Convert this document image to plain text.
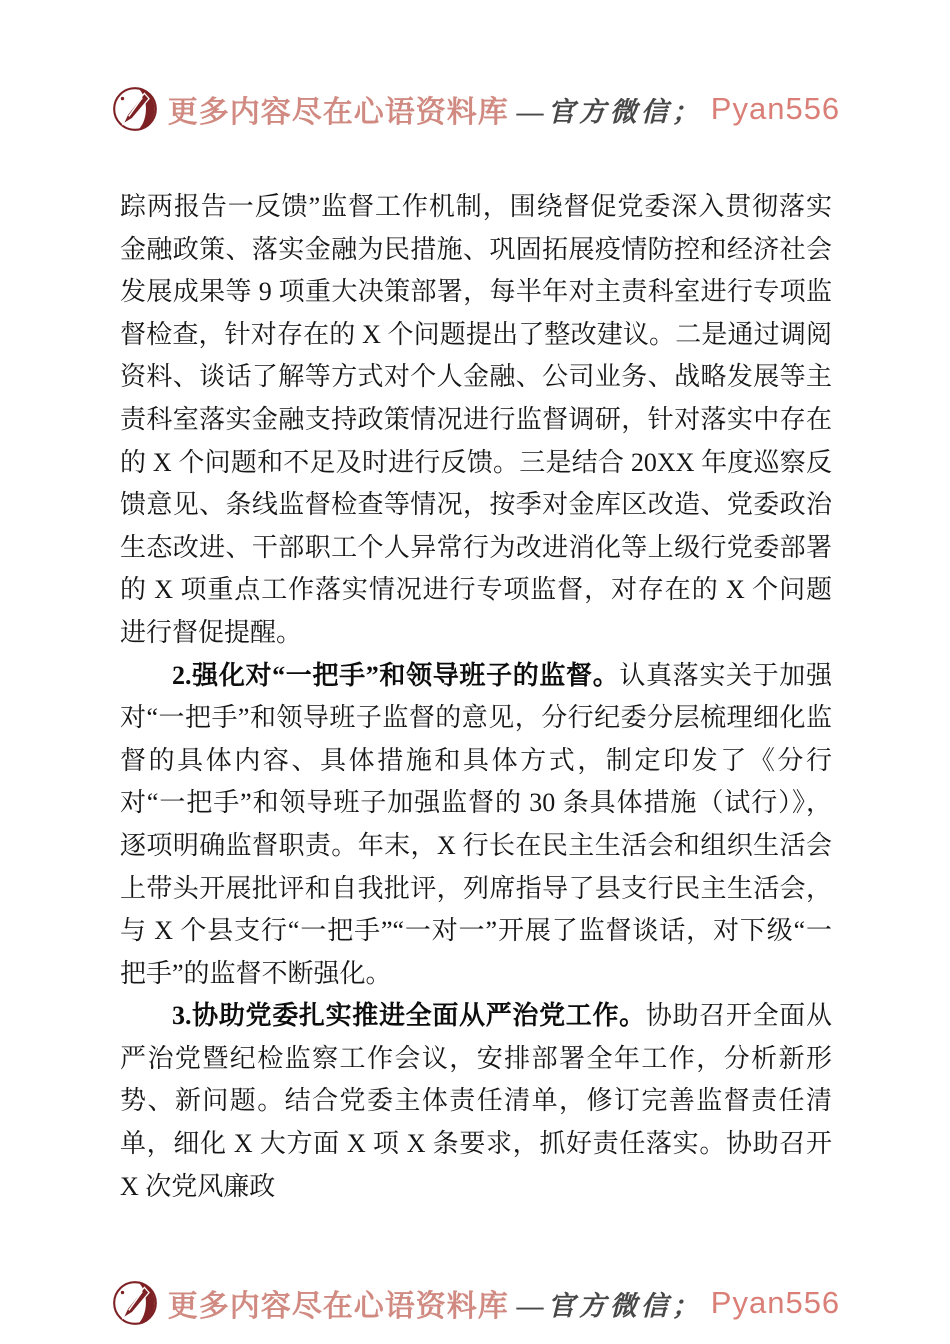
更多内容尽在心语资料库 —官方微信； Pyan556

踪两报告一反馈”监督工作机制，围绕督促党委深入贯彻落实金融政策、落实金融为民措施、巩固拓展疫情防控和经济社会发展成果等 9 项重大决策部署，每半年对主责科室进行专项监督检查，针对存在的 X 个问题提出了整改建议。二是通过调阅资料、谈话了解等方式对个人金融、公司业务、战略发展等主责科室落实金融支持政策情况进行监督调研，针对落实中存在的 X 个问题和不足及时进行反馈。三是结合 20XX 年度巡察反馈意见、条线监督检查等情况，按季对金库区改造、党委政治生态改进、干部职工个人异常行为改进消化等上级行党委部署的 X 项重点工作落实情况进行专项监督，对存在的 X 个问题进行督促提醒。

2.强化对“一把手”和领导班子的监督。认真落实关于加强对“一把手”和领导班子监督的意见，分行纪委分层梳理细化监督的具体内容、具体措施和具体方式，制定印发了《分行对“一把手”和领导班子加强监督的 30 条具体措施（试行）》，逐项明确监督职责。年末，X 行长在民主生活会和组织生活会上带头开展批评和自我批评，列席指导了县支行民主生活会，与 X 个县支行“一把手”“一对一”开展了监督谈话，对下级“一把手”的监督不断强化。

3.协助党委扎实推进全面从严治党工作。协助召开全面从严治党暨纪检监察工作会议，安排部署全年工作，分析新形势、新问题。结合党委主体责任清单，修订完善监督责任清单，细化 X 大方面 X 项 X 条要求，抓好责任落实。协助召开 X 次党风廉政

更多内容尽在心语资料库 —官方微信； Pyan556
